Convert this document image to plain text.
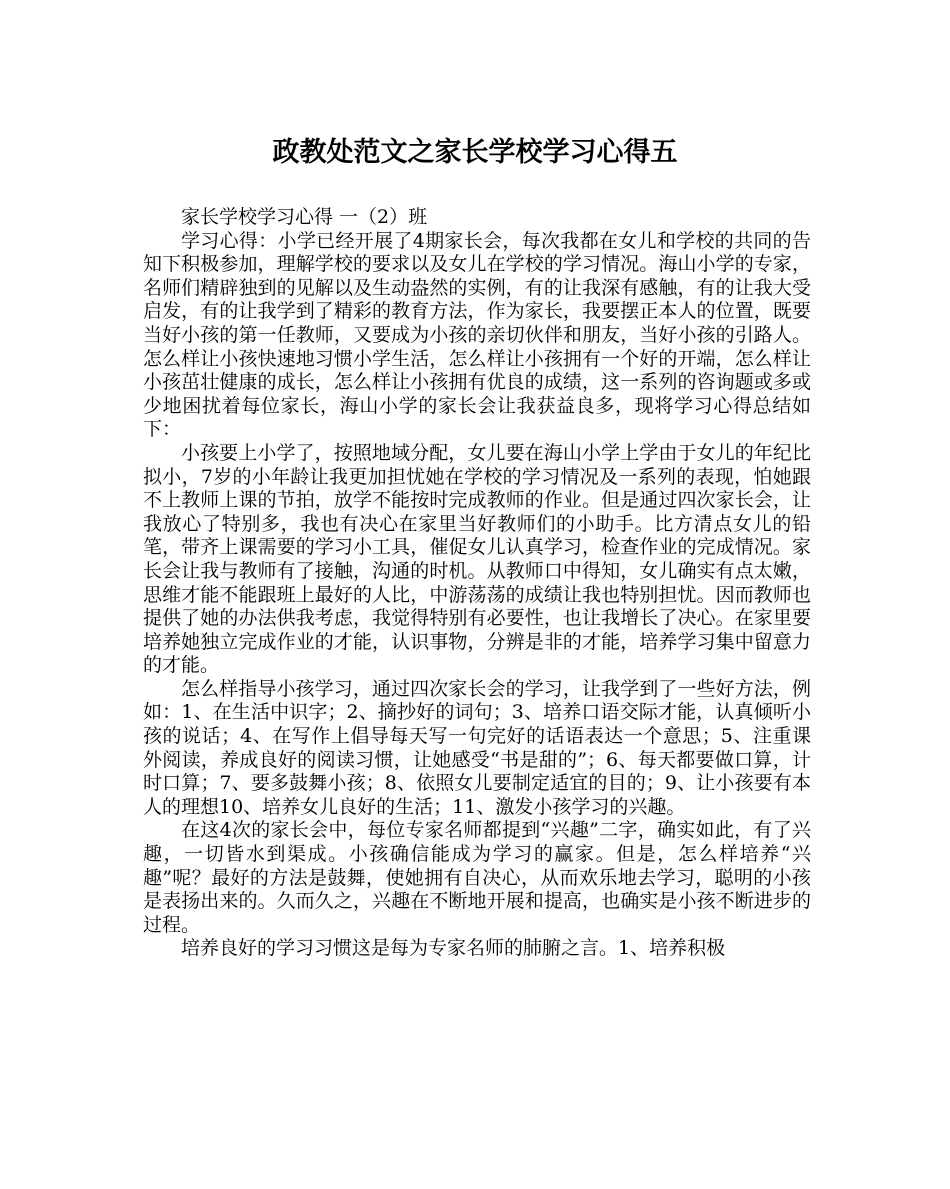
政教处范文之家长学校学习心得五

家长学校学习心得 一（2）班

学习心得：小学已经开展了4期家长会，每次我都在女儿和学校的共同的告知下积极参加，理解学校的要求以及女儿在学校的学习情况。海山小学的专家，名师们精辟独到的见解以及生动盎然的实例，有的让我深有感触，有的让我大受启发，有的让我学到了精彩的教育方法，作为家长，我要摆正本人的位置，既要当好小孩的第一任教师，又要成为小孩的亲切伙伴和朋友，当好小孩的引路人。怎么样让小孩快速地习惯小学生活，怎么样让小孩拥有一个好的开端，怎么样让小孩茁壮健康的成长，怎么样让小孩拥有优良的成绩，这一系列的咨询题或多或少地困扰着每位家长，海山小学的家长会让我获益良多，现将学习心得总结如下：

小孩要上小学了，按照地域分配，女儿要在海山小学上学由于女儿的年纪比拟小，7岁的小年龄让我更加担忧她在学校的学习情况及一系列的表现，怕她跟不上教师上课的节拍，放学不能按时完成教师的作业。但是通过四次家长会，让我放心了特别多，我也有决心在家里当好教师们的小助手。比方清点女儿的铅笔，带齐上课需要的学习小工具，催促女儿认真学习，检查作业的完成情况。家长会让我与教师有了接触，沟通的时机。从教师口中得知，女儿确实有点太嫩，思维才能不能跟班上最好的人比，中游荡荡的成绩让我也特别担忧。因而教师也提供了她的办法供我考虑，我觉得特别有必要性，也让我增长了决心。在家里要培养她独立完成作业的才能，认识事物，分辨是非的才能，培养学习集中留意力的才能。

怎么样指导小孩学习，通过四次家长会的学习，让我学到了一些好方法，例如：1、在生活中识字；2、摘抄好的词句；3、培养口语交际才能，认真倾听小孩的说话；4、在写作上倡导每天写一句完好的话语表达一个意思；5、注重课外阅读，养成良好的阅读习惯，让她感受“书是甜的”；6、每天都要做口算，计时口算；7、要多鼓舞小孩；8、依照女儿要制定适宜的目的；9、让小孩要有本人的理想10、培养女儿良好的生活；11、激发小孩学习的兴趣。

在这4次的家长会中，每位专家名师都提到“兴趣”二字，确实如此，有了兴趣，一切皆水到渠成。小孩确信能成为学习的赢家。但是，怎么样培养“兴趣”呢？最好的方法是鼓舞，使她拥有自决心，从而欢乐地去学习，聪明的小孩是表扬出来的。久而久之，兴趣在不断地开展和提高，也确实是小孩不断进步的过程。

培养良好的学习习惯这是每为专家名师的肺腑之言。1、培养积极
